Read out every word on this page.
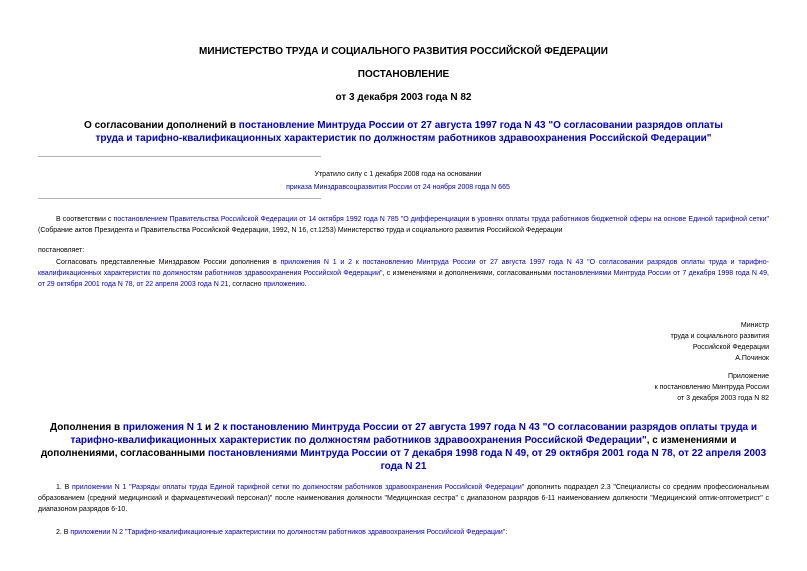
МИНИСТЕРСТВО ТРУДА И СОЦИАЛЬНОГО РАЗВИТИЯ РОССИЙСКОЙ ФЕДЕРАЦИИ
ПОСТАНОВЛЕНИЕ
от 3 декабря 2003 года N 82
О согласовании дополнений в постановление Минтруда России от 27 августа 1997 года N 43 "О согласовании разрядов оплаты труда и тарифно-квалификационных характеристик по должностям работников здравоохранения Российской Федерации"
Утратило силу с 1 декабря 2008 года на основании
приказа Минздравсоцразвития России от 24 ноября 2008 года N 665
В соответствии с постановлением Правительства Российской Федерации от 14 октября 1992 года N 785 "О дифференциации в уровнях оплаты труда работников бюджетной сферы на основе Единой тарифной сетки" (Собрание актов Президента и Правительства Российской Федерации, 1992, N 16, ст.1253) Министерство труда и социального развития Российской Федерации
постановляет:
Согласовать представленные Минздравом России дополнения в приложения N 1 и 2 к постановлению Минтруда России от 27 августа 1997 года N 43 "О согласовании разрядов оплаты труда и тарифно-квалификационных характеристик по должностям работников здравоохранения Российской Федерации", с изменениями и дополнениями, согласованными постановлениями Минтруда России от 7 декабря 1998 года N 49, от 29 октября 2001 года N 78, от 22 апреля 2003 года N 21, согласно приложению.
Министр
труда и социального развития
Российской Федерации
А.Починок
Приложение
к постановлению Минтруда России
от 3 декабря 2003 года N 82
Дополнения в приложения N 1 и 2 к постановлению Минтруда России от 27 августа 1997 года N 43 "О согласовании разрядов оплаты труда и тарифно-квалификационных характеристик по должностям работников здравоохранения Российской Федерации", с изменениями и дополнениями, согласованными постановлениями Минтруда России от 7 декабря 1998 года N 49, от 29 октября 2001 года N 78, от 22 апреля 2003 года N 21
1. В приложении N 1 "Разряды оплаты труда Единой тарифной сетки по должностям работников здравоохранения Российской Федерации" дополнить подраздел 2.3 "Специалисты со средним профессиональным образованием (средний медицинский и фармацевтический персонал)" после наименования должности "Медицинская сестра" с диапазоном разрядов 6-11 наименованием должности "Медицинский оптик-оптометрист" с диапазоном разрядов 6-10.
2. В приложении N 2 "Тарифно-квалификационные характеристики по должностям работников здравоохранения Российской Федерации":
